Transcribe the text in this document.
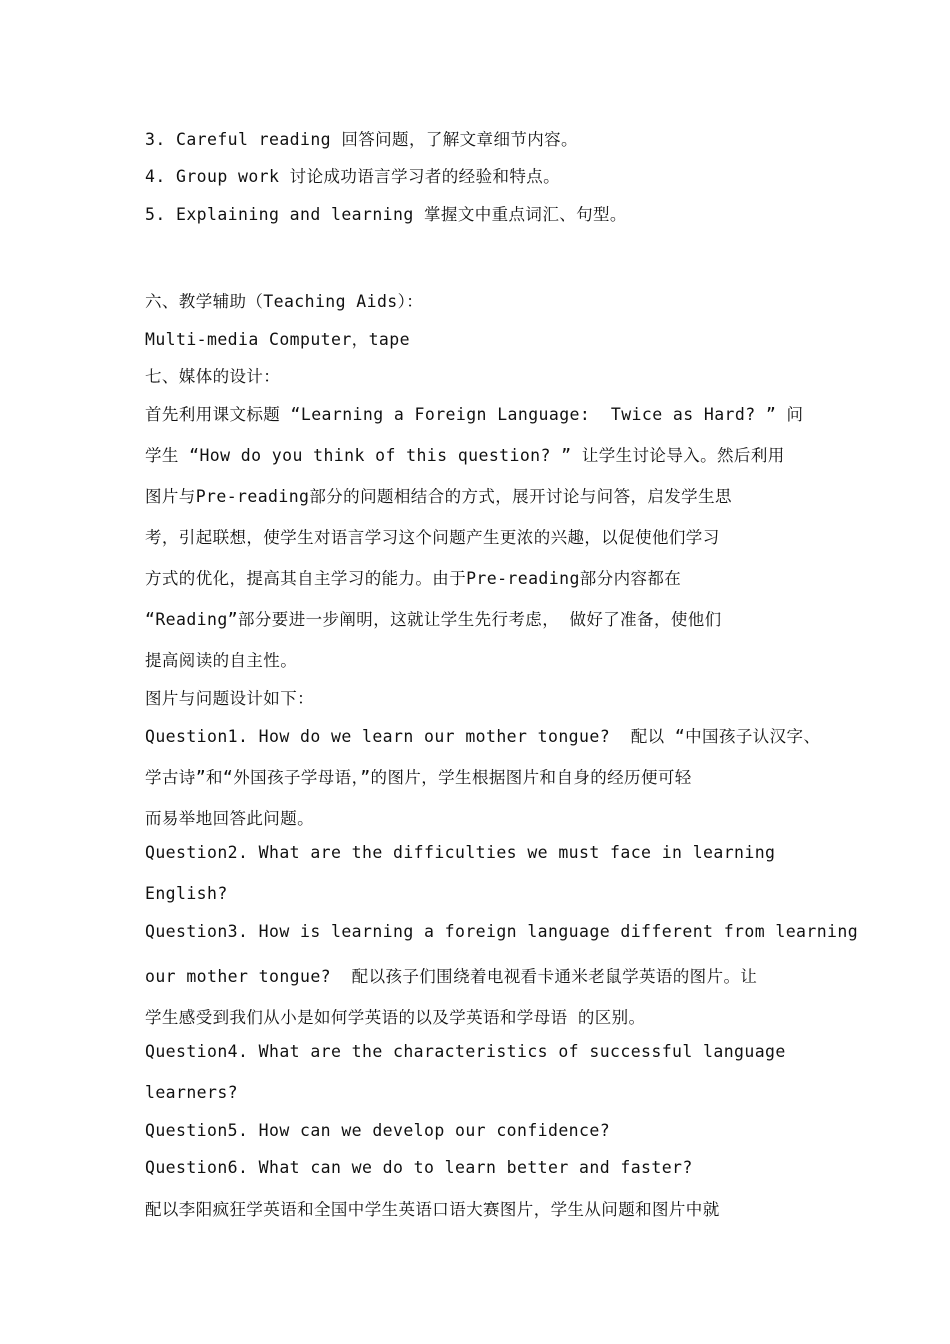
3. Careful reading 回答问题，了解文章细节内容。
4. Group work 讨论成功语言学习者的经验和特点。
5. Explaining and learning 掌握文中重点词汇、句型。
六、教学辅助（Teaching Aids）：
Multi-media Computer，tape
七、媒体的设计：
首先利用课文标题 “Learning a Foreign Language:  Twice as Hard? ” 问
学生 “How do you think of this question? ” 让学生讨论导入。然后利用
图片与Pre-reading部分的问题相结合的方式，展开讨论与问答，启发学生思
考，引起联想，使学生对语言学习这个问题产生更浓的兴趣，以促使他们学习
方式的优化，提高其自主学习的能力。由于Pre-reading部分内容都在
“Reading”部分要进一步阐明，这就让学生先行考虑， 做好了准备，使他们
提高阅读的自主性。
图片与问题设计如下：
Question1. How do we learn our mother tongue?  配以 “中国孩子认汉字、
学古诗”和“外国孩子学母语，”的图片，学生根据图片和自身的经历便可轻
而易举地回答此问题。
Question2. What are the difficulties we must face in learning
English?
Question3. How is learning a foreign language different from learning
our mother tongue?  配以孩子们围绕着电视看卡通米老鼠学英语的图片。让
学生感受到我们从小是如何学英语的以及学英语和学母语 的区别。
Question4. What are the characteristics of successful language
learners?
Question5. How can we develop our confidence?
Question6. What can we do to learn better and faster?
配以李阳疯狂学英语和全国中学生英语口语大赛图片，学生从问题和图片中就
